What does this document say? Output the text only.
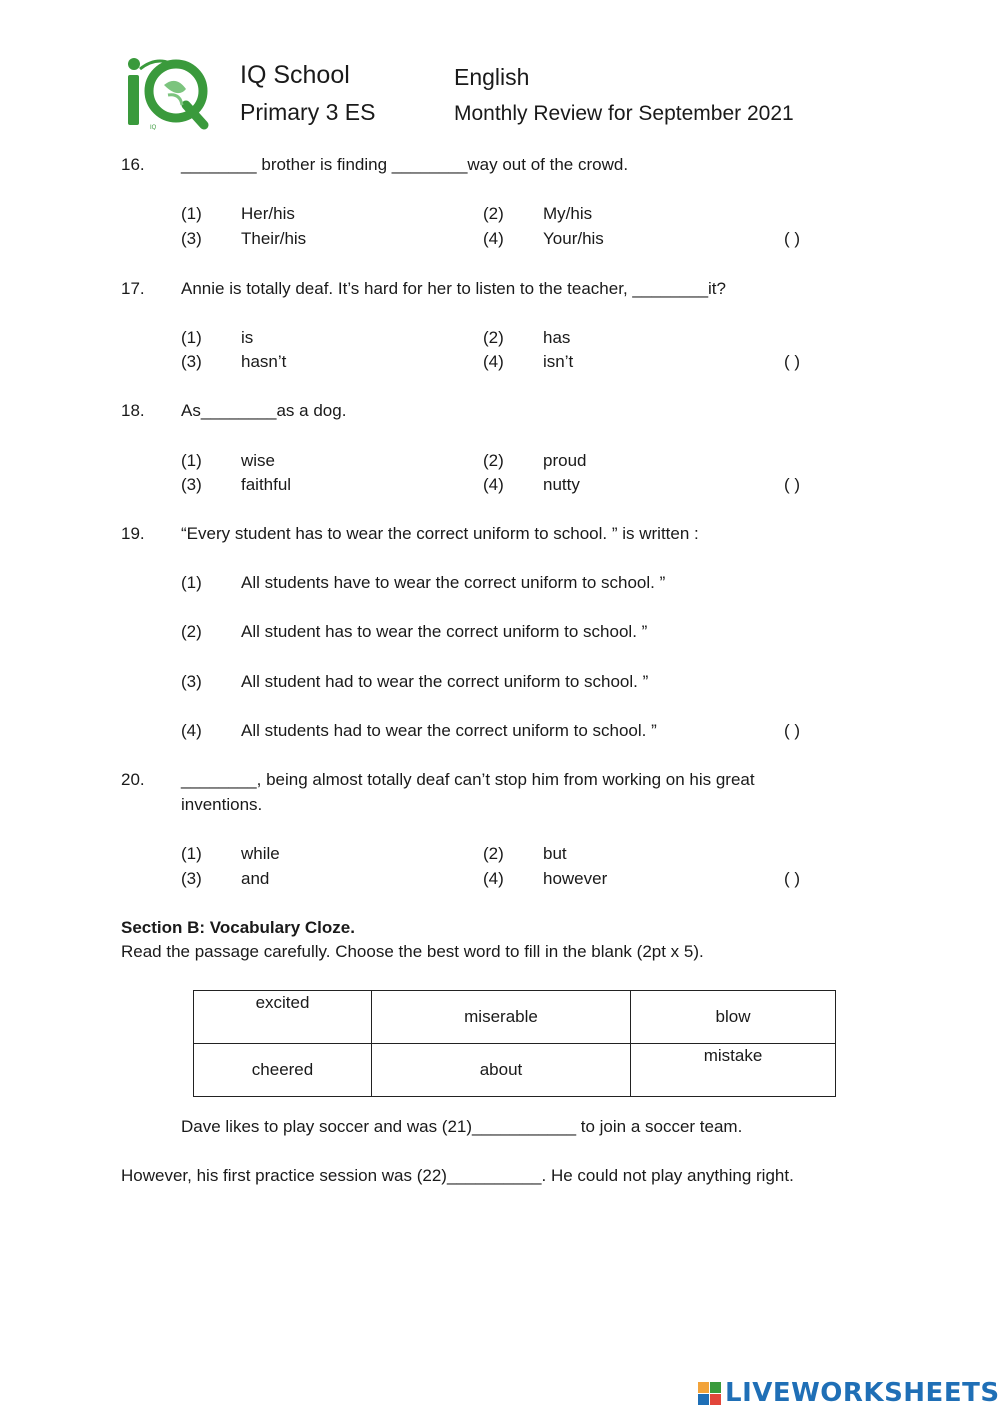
IQ
IQ School
Primary 3 ES
English
Monthly Review for September 2021
16. ________ brother is finding ________way out of the crowd.
(1) Her/his	(2) My/his
(3) Their/his	(4) Your/his	( )
17. Annie is totally deaf. It’s hard for her to listen to the teacher, ________it?
(1) is	(2) has
(3) hasn’t	(4) isn’t	( )
18. As________as a dog.
(1) wise	(2) proud
(3) faithful	(4) nutty	( )
19. “Every student has to wear the correct uniform to school. ” is written :
(1) All students have to wear the correct uniform to school. ”
(2) All student has to wear the correct uniform to school. ”
(3) All student had to wear the correct uniform to school. ”
(4) All students had to wear the correct uniform to school. ”	( )
20. ________, being almost totally deaf can’t stop him from working on his great
inventions.
(1) while	(2) but
(3) and	(4) however	( )
Section B: Vocabulary Cloze.
Read the passage carefully. Choose the best word to fill in the blank (2pt x 5).
excited	miserable	blow
cheered	about	mistake
Dave likes to play soccer and was (21)___________ to join a soccer team.
However, his first practice session was (22)__________. He could not play anything right.
LIVEWORKSHEETS
